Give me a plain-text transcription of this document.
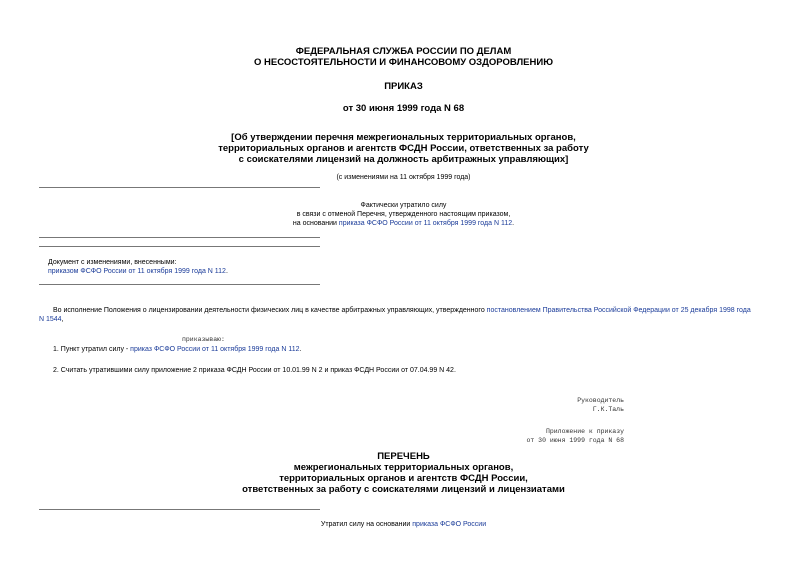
ФЕДЕРАЛЬНАЯ СЛУЖБА РОССИИ ПО ДЕЛАМ
О НЕСОСТОЯТЕЛЬНОСТИ И ФИНАНСОВОМУ ОЗДОРОВЛЕНИЮ
ПРИКАЗ
от 30 июня 1999 года N 68
[Об утверждении перечня межрегиональных территориальных органов,
территориальных органов и агентств ФСДН России, ответственных за работу
с соискателями лицензий на должность арбитражных управляющих]
(с изменениями на 11 октября 1999 года)
Фактически утратило силу
в связи с отменой Перечня, утвержденного настоящим приказом,
на основании приказа ФСФО России от 11 октября 1999 года N 112.
Документ с изменениями, внесенными:
приказом ФСФО России от 11 октября 1999 года N 112.
Во исполнение Положения о лицензировании деятельности физических лиц в качестве арбитражных управляющих, утвержденного постановлением Правительства Российской Федерации от 25 декабря 1998 года
N 1544,
приказываю:
1. Пункт утратил силу - приказ ФСФО России от 11 октября 1999 года N 112.
2. Считать утратившими силу приложение 2 приказа ФСДН России от 10.01.99 N 2 и приказ ФСДН России от 07.04.99 N 42.
Руководитель
Г.К.Таль
Приложение к приказу
от 30 июня 1999 года N 68
ПЕРЕЧЕНЬ
межрегиональных территориальных органов,
территориальных органов и агентств ФСДН России,
ответственных за работу с соискателями лицензий и лицензиатами
Утратил силу на основании приказа ФСФО России
